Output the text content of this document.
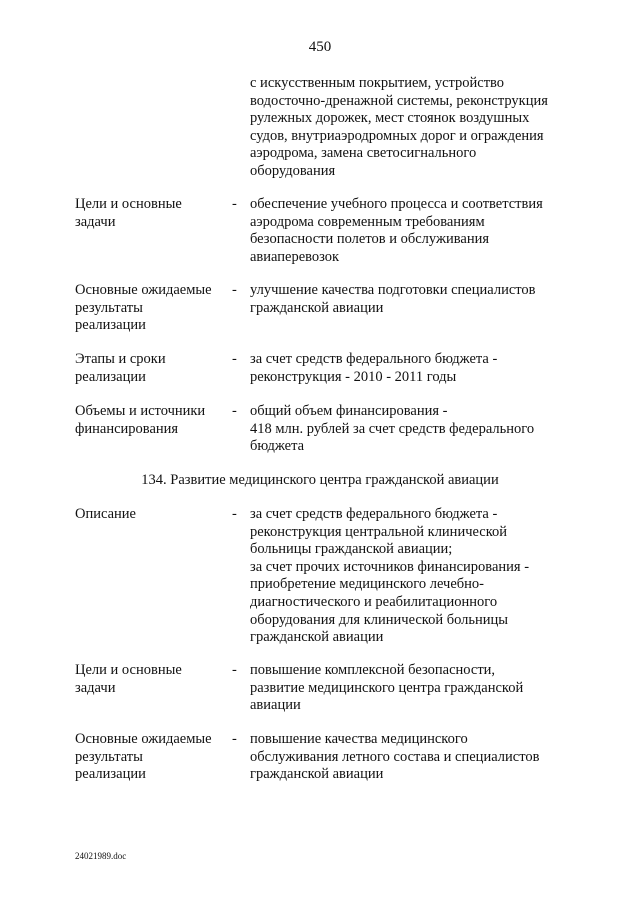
450
с искусственным покрытием, устройство
водосточно-дренажной системы, реконструкция
рулежных дорожек, мест стоянок воздушных
судов, внутриаэродромных дорог и ограждения
аэродрома, замена светосигнального
оборудования
Цели и основные
задачи
- обеспечение учебного процесса и соответствия
аэродрома современным требованиям
безопасности полетов и обслуживания
авиаперевозок
Основные ожидаемые
результаты
реализации
- улучшение качества подготовки специалистов
гражданской авиации
Этапы и сроки
реализации
- за счет средств федерального бюджета -
реконструкция - 2010 - 2011 годы
Объемы и источники
финансирования
- общий объем финансирования -
418 млн. рублей за счет средств федерального
бюджета
134. Развитие медицинского центра гражданской авиации
Описание	- за счет средств федерального бюджета -
реконструкция центральной клинической
больницы гражданской авиации;
за счет прочих источников финансирования -
приобретение медицинского лечебно-
диагностического и реабилитационного
оборудования для клинической больницы
гражданской авиации
Цели и основные
задачи
- повышение комплексной безопасности,
развитие медицинского центра гражданской
авиации
Основные ожидаемые
результаты
реализации
- повышение качества медицинского
обслуживания летного состава и специалистов
гражданской авиации
24021989.doc
